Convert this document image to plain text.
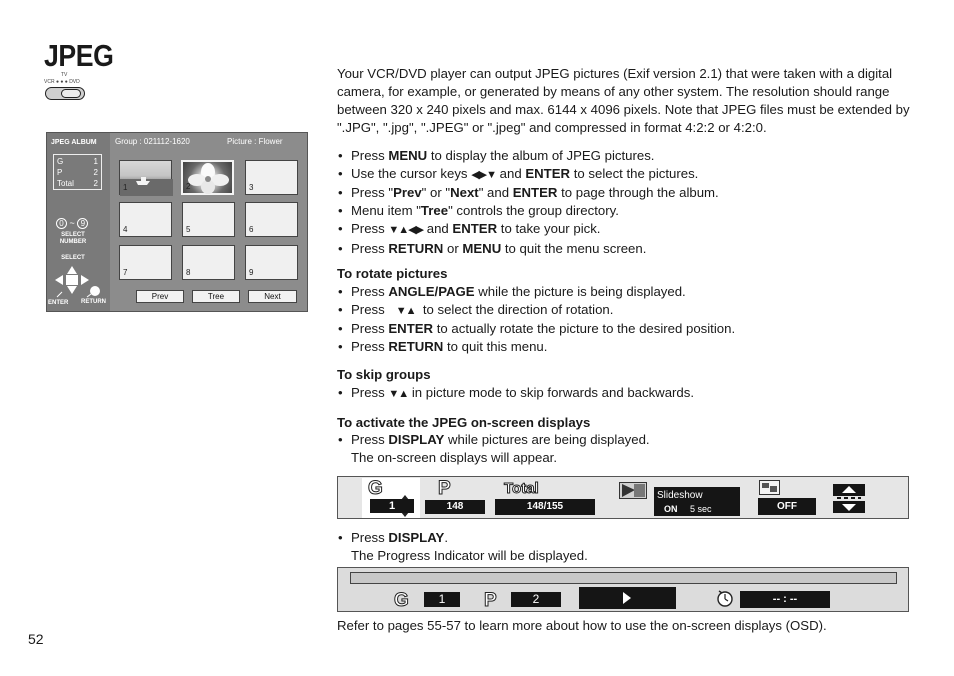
JPEG
TV
VCR ● ● ● DVD
JPEG ALBUM
G	1
P	2
Total 2
0 ~ 9
SELECT
NUMBER
SELECT
ENTER RETURN
Group : 021112-1620	Picture : Flower
1	2	3
4	5	6
7	8	9
Prev	Tree	Next
Your VCR/DVD player can output JPEG pictures (Exif version 2.1) that were taken with a digital camera, for example, or generated by means of any other system. The resolution should range between 320 x 240 pixels and max. 6144 x 4096 pixels. Note that JPEG files must be extended by ".JPG", ".jpg", ".JPEG" or ".jpeg" and compressed in format 4:2:2 or 4:2:0.
• Press MENU to display the album of JPEG pictures.
• Use the cursor keys ◀▶▼ and ENTER to select the pictures.
• Press "Prev" or "Next" and ENTER to page through the album.
• Menu item "Tree" controls the group directory.
• Press ▼▲◀▶ and ENTER to take your pick.
• Press RETURN or MENU to quit the menu screen.
To rotate pictures
• Press ANGLE/PAGE while the picture is being displayed.
• Press   ▼▲  to select the direction of rotation.
• Press ENTER to actually rotate the picture to the desired position.
• Press RETURN to quit this menu.
To skip groups
• Press ▼▲ in picture mode to skip forwards and backwards.
To activate the JPEG on-screen displays
• Press DISPLAY while pictures are being displayed.
The on-screen displays will appear.
G
1
P
148
Total
148/155
Slideshow
ON 5 sec	OFF
• Press DISPLAY.
The Progress Indicator will be displayed.
G	1	P	2	-- : --
Refer to pages 55-57 to learn more about how to use the on-screen displays (OSD).
52
